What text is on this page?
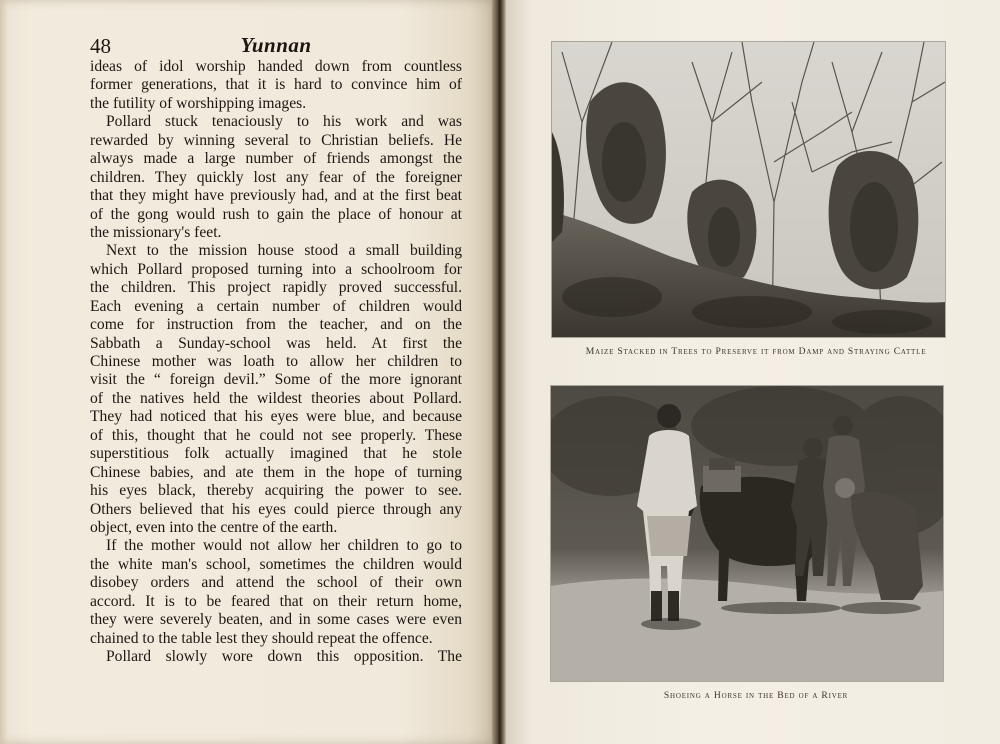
48	Yunnan

ideas of idol worship handed down from countless
former generations, that it is hard to convince him of
the futility of worshipping images.

Pollard stuck tenaciously to his work and was
rewarded by winning several to Christian beliefs. He
always made a large number of friends amongst the
children. They quickly lost any fear of the foreigner
that they might have previously had, and at the first beat
of the gong would rush to gain the place of honour at
the missionary's feet.

Next to the mission house stood a small building
which Pollard proposed turning into a schoolroom for
the children. This project rapidly proved successful.
Each evening a certain number of children would
come for instruction from the teacher, and on the
Sabbath a Sunday-school was held. At first the
Chinese mother was loath to allow her children to
visit the “ foreign devil.” Some of the more ignorant
of the natives held the wildest theories about Pollard.
They had noticed that his eyes were blue, and because
of this, thought that he could not see properly. These
superstitious folk actually imagined that he stole
Chinese babies, and ate them in the hope of turning
his eyes black, thereby acquiring the power to see.
Others believed that his eyes could pierce through any
object, even into the centre of the earth.

If the mother would not allow her children to go to
the white man's school, sometimes the children would
disobey orders and attend the school of their own
accord. It is to be feared that on their return home,
they were severely beaten, and in some cases were even
chained to the table lest they should repeat the offence.

Pollard slowly wore down this opposition. The

Maize Stacked in Trees to Preserve it from Damp and Straying Cattle
Shoeing a Horse in the Bed of a River
